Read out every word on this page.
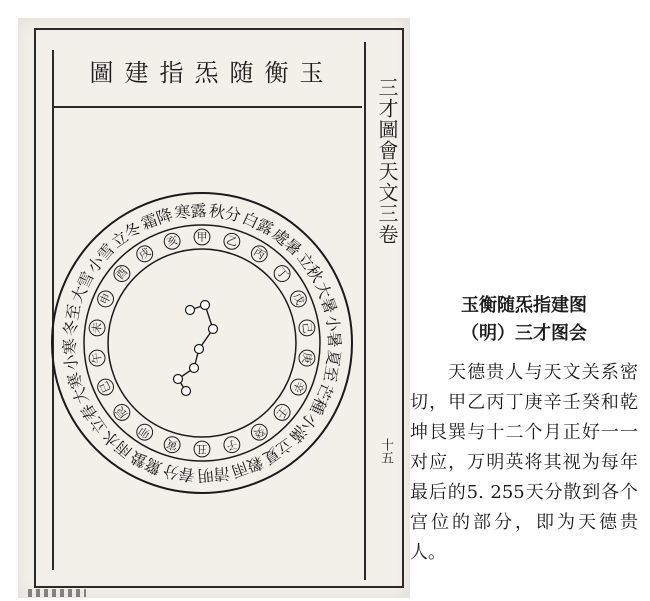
玉衡随炁指建圖
三才圖會天文三卷
十五
寒露 秋分
白露
處暑
立秋
大暑
小暑
夏至
芒種
小滿
立夏
穀雨
清明
春分
驚蟄
雨水
立春
大寒
小寒
冬至
大雪
小雪
立冬
霜降
甲 乙
丙
丁
戊
己
庚
辛
壬
癸
子
丑
寅
卯
辰
巳
午
未
申
酉
戌
亥
玉衡随炁指建图
（明）三才图会
天德贵人与天文关系密切，甲乙丙丁庚辛壬癸和乾坤艮巽与十二个月正好一一对应，万明英将其视为每年最后的5. 255天分散到各个宫位的部分，即为天德贵人。
